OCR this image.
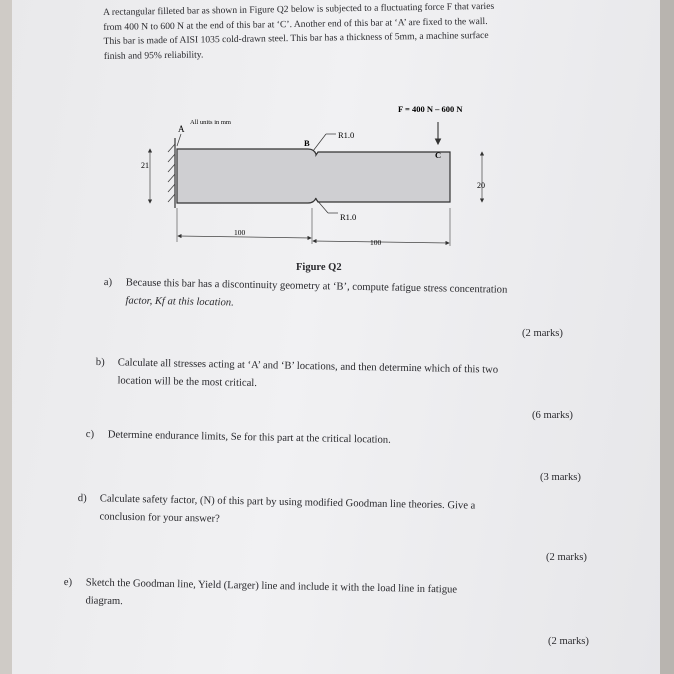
A rectangular filleted bar as shown in Figure Q2 below is subjected to a fluctuating force F that varies

from 400 N to 600 N at the end of this bar at ‘C’. Another end of this bar at ‘A’ are fixed to the wall.

This bar is made of AISI 1035 cold-drawn steel. This bar has a thickness of 5mm, a machine surface

finish and 95% reliability.

21
20
A
All units in mm
B
R1.0
R1.0
F = 400 N – 600 N
C
100
100
Figure Q2
a) Because this bar has a discontinuity geometry at ‘B’, compute fatigue stress concentration
factor, Kf at this location.
(2 marks)
b) Calculate all stresses acting at ‘A’ and ‘B’ locations, and then determine which of this two
location will be the most critical.
(6 marks)
c) Determine endurance limits, Se for this part at the critical location.
(3 marks)
d) Calculate safety factor, (N) of this part by using modified Goodman line theories. Give a
conclusion for your answer?
(2 marks)
e) Sketch the Goodman line, Yield (Larger) line and include it with the load line in fatigue
diagram.
(2 marks)
